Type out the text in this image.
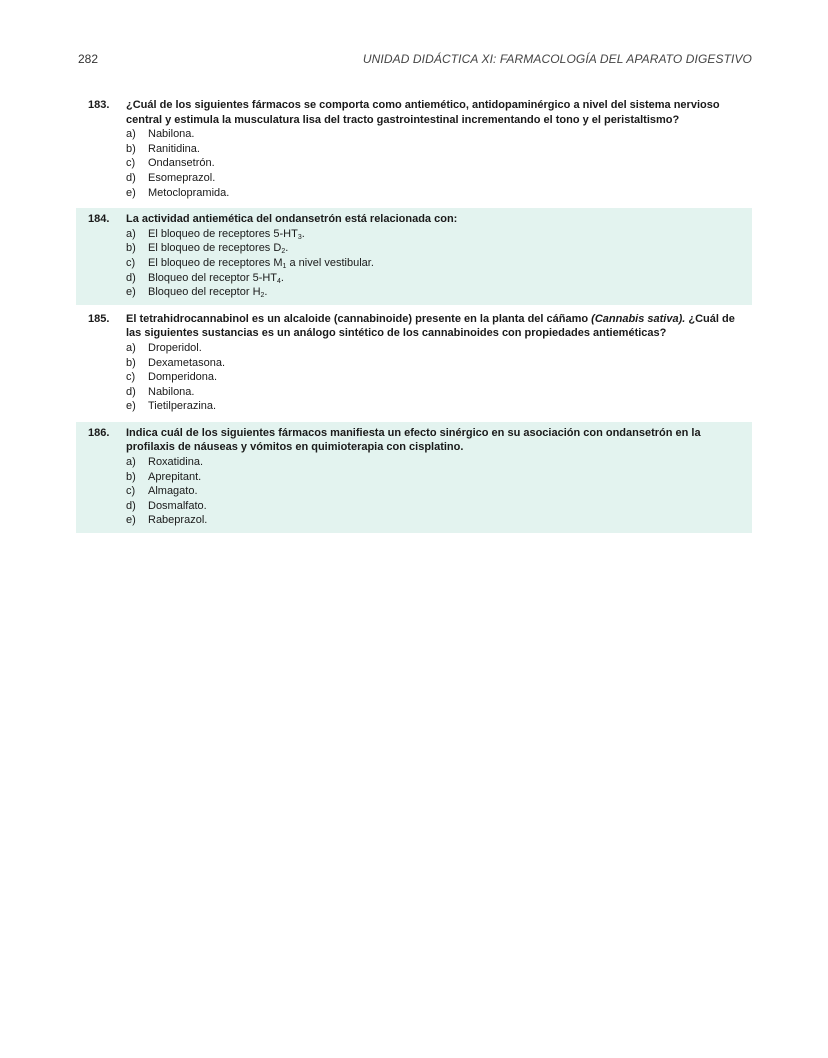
282	UNIDAD DIDÁCTICA XI: FARMACOLOGÍA DEL APARATO DIGESTIVO
183. ¿Cuál de los siguientes fármacos se comporta como antiemético, antidopaminérgico a nivel del sistema nervioso central y estimula la musculatura lisa del tracto gastrointestinal incrementando el tono y el peristaltismo?

a) Nabilona.
b) Ranitidina.
c) Ondansetrón.
d) Esomeprazol.
e) Metoclopramida.
184. La actividad antiemética del ondansetrón está relacionada con:

a) El bloqueo de receptores $5-HT_3$.
b) El bloqueo de receptores $D_2$.
c) El bloqueo de receptores $M_1$ a nivel vestibular.
d) Bloqueo del receptor $5-HT_4$.
e) Bloqueo del receptor $H_2$.
185. El tetrahidrocannabinol es un alcaloide (cannabinoide) presente en la planta del cáñamo (Cannabis sativa). ¿Cuál de las siguientes sustancias es un análogo sintético de los cannabinoides con propiedades antieméticas?

a) Droperidol.
b) Dexametasona.
c) Domperidona.
d) Nabilona.
e) Tietilperazina.
186. Indica cuál de los siguientes fármacos manifiesta un efecto sinérgico en su asociación con ondansetrón en la profilaxis de náuseas y vómitos en quimioterapia con cisplatino.

a) Roxatidina.
b) Aprepitant.
c) Almagato.
d) Dosmalfato.
e) Rabeprazol.
